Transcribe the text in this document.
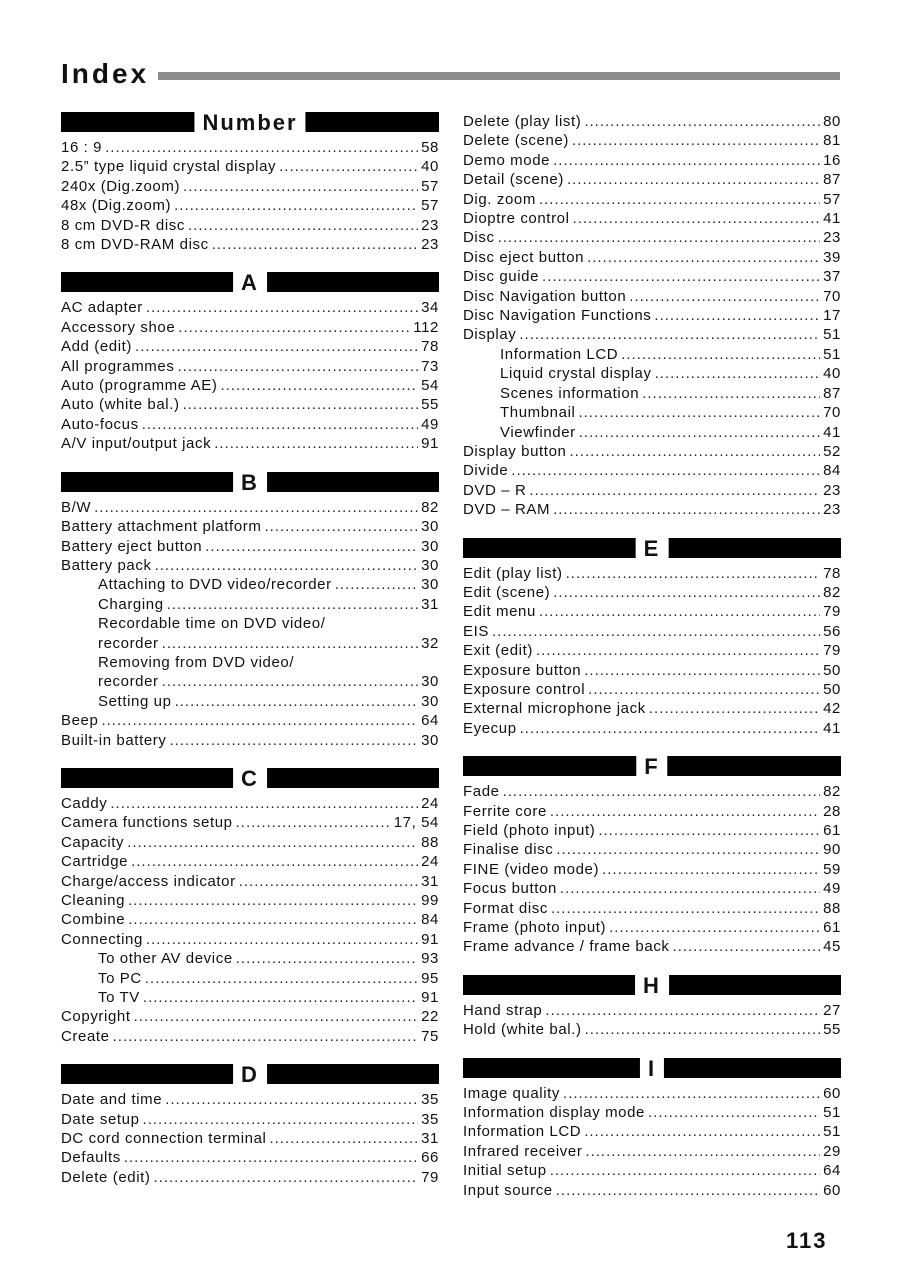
Index
Number
16 : 9 .....	58
2.5” type liquid crystal display .....	40
240x (Dig.zoom) .....	57
48x (Dig.zoom) .....	57
8 cm DVD-R disc .....	23
8 cm DVD-RAM disc .....	23
A
AC adapter .....	34
Accessory shoe .....	112
Add (edit) .....	78
All programmes .....	73
Auto (programme AE) .....	54
Auto (white bal.) .....	55
Auto-focus .....	49
A/V input/output jack .....	91
B
B/W .....	82
Battery attachment platform .....	30
Battery eject button .....	30
Battery pack .....	30
Attaching to DVD video/recorder .....	30
Charging .....	31
Recordable time on DVD video/
recorder .....	32
Removing from DVD video/
recorder .....	30
Setting up .....	30
Beep .....	64
Built-in battery .....	30
C
Caddy .....	24
Camera functions setup .....	17, 54
Capacity .....	88
Cartridge .....	24
Charge/access indicator .....	31
Cleaning .....	99
Combine .....	84
Connecting .....	91
To other AV device .....	93
To PC .....	95
To TV .....	91
Copyright .....	22
Create .....	75
D
Date and time .....	35
Date setup .....	35
DC cord connection terminal .....	31
Defaults .....	66
Delete (edit) .....	79
Delete (play list) .....	80
Delete (scene) .....	81
Demo mode .....	16
Detail (scene) .....	87
Dig. zoom .....	57
Dioptre control .....	41
Disc .....	23
Disc eject button .....	39
Disc guide .....	37
Disc Navigation button .....	70
Disc Navigation Functions .....	17
Display .....	51
Information LCD .....	51
Liquid crystal display .....	40
Scenes information .....	87
Thumbnail .....	70
Viewfinder .....	41
Display button .....	52
Divide .....	84
DVD – R .....	23
DVD – RAM .....	23
E
Edit (play list) .....	78
Edit (scene) .....	82
Edit menu .....	79
EIS .....	56
Exit (edit) .....	79
Exposure button .....	50
Exposure control .....	50
External microphone jack .....	42
Eyecup .....	41
F
Fade .....	82
Ferrite core .....	28
Field (photo input) .....	61
Finalise disc .....	90
FINE (video mode) .....	59
Focus button .....	49
Format disc .....	88
Frame (photo input) .....	61
Frame advance / frame back .....	45
H
Hand strap .....	27
Hold (white bal.) .....	55
I
Image quality .....	60
Information display mode .....	51
Information LCD .....	51
Infrared receiver .....	29
Initial setup .....	64
Input source .....	60
113
